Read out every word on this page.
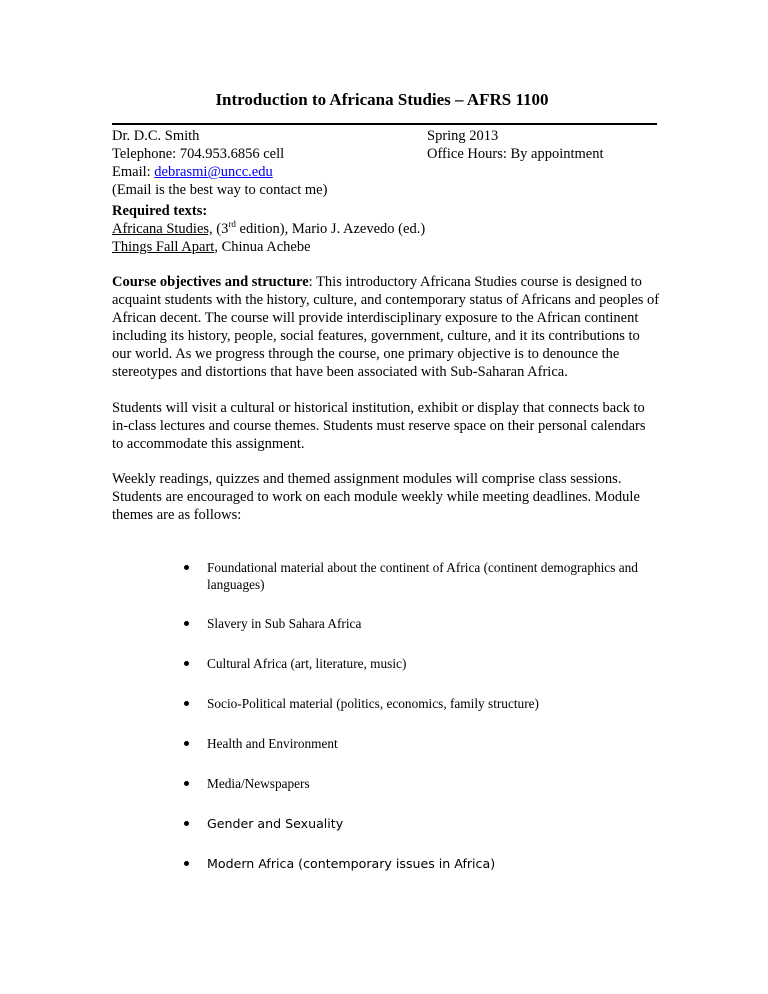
Introduction to Africana Studies – AFRS 1100
Dr. D.C. Smith
Telephone: 704.953.6856 cell
Email: debrasmi@uncc.edu
(Email is the best way to contact me)
Spring 2013
Office Hours: By appointment
Required texts:
Africana Studies, (3rd edition), Mario J. Azevedo (ed.)
Things Fall Apart, Chinua Achebe
Course objectives and structure: This introductory Africana Studies course is designed to acquaint students with the history, culture, and contemporary status of Africans and peoples of African decent. The course will provide interdisciplinary exposure to the African continent including its history, people, social features, government, culture, and it its contributions to our world. As we progress through the course, one primary objective is to denounce the stereotypes and distortions that have been associated with Sub-Saharan Africa.
Students will visit a cultural or historical institution, exhibit or display that connects back to in-class lectures and course themes. Students must reserve space on their personal calendars to accommodate this assignment.
Weekly readings, quizzes and themed assignment modules will comprise class sessions. Students are encouraged to work on each module weekly while meeting deadlines. Module themes are as follows:
Foundational material about the continent of Africa (continent demographics and languages)
Slavery in Sub Sahara Africa
Cultural Africa (art, literature, music)
Socio-Political material (politics, economics, family structure)
Health and Environment
Media/Newspapers
Gender and Sexuality
Modern Africa (contemporary issues in Africa)
